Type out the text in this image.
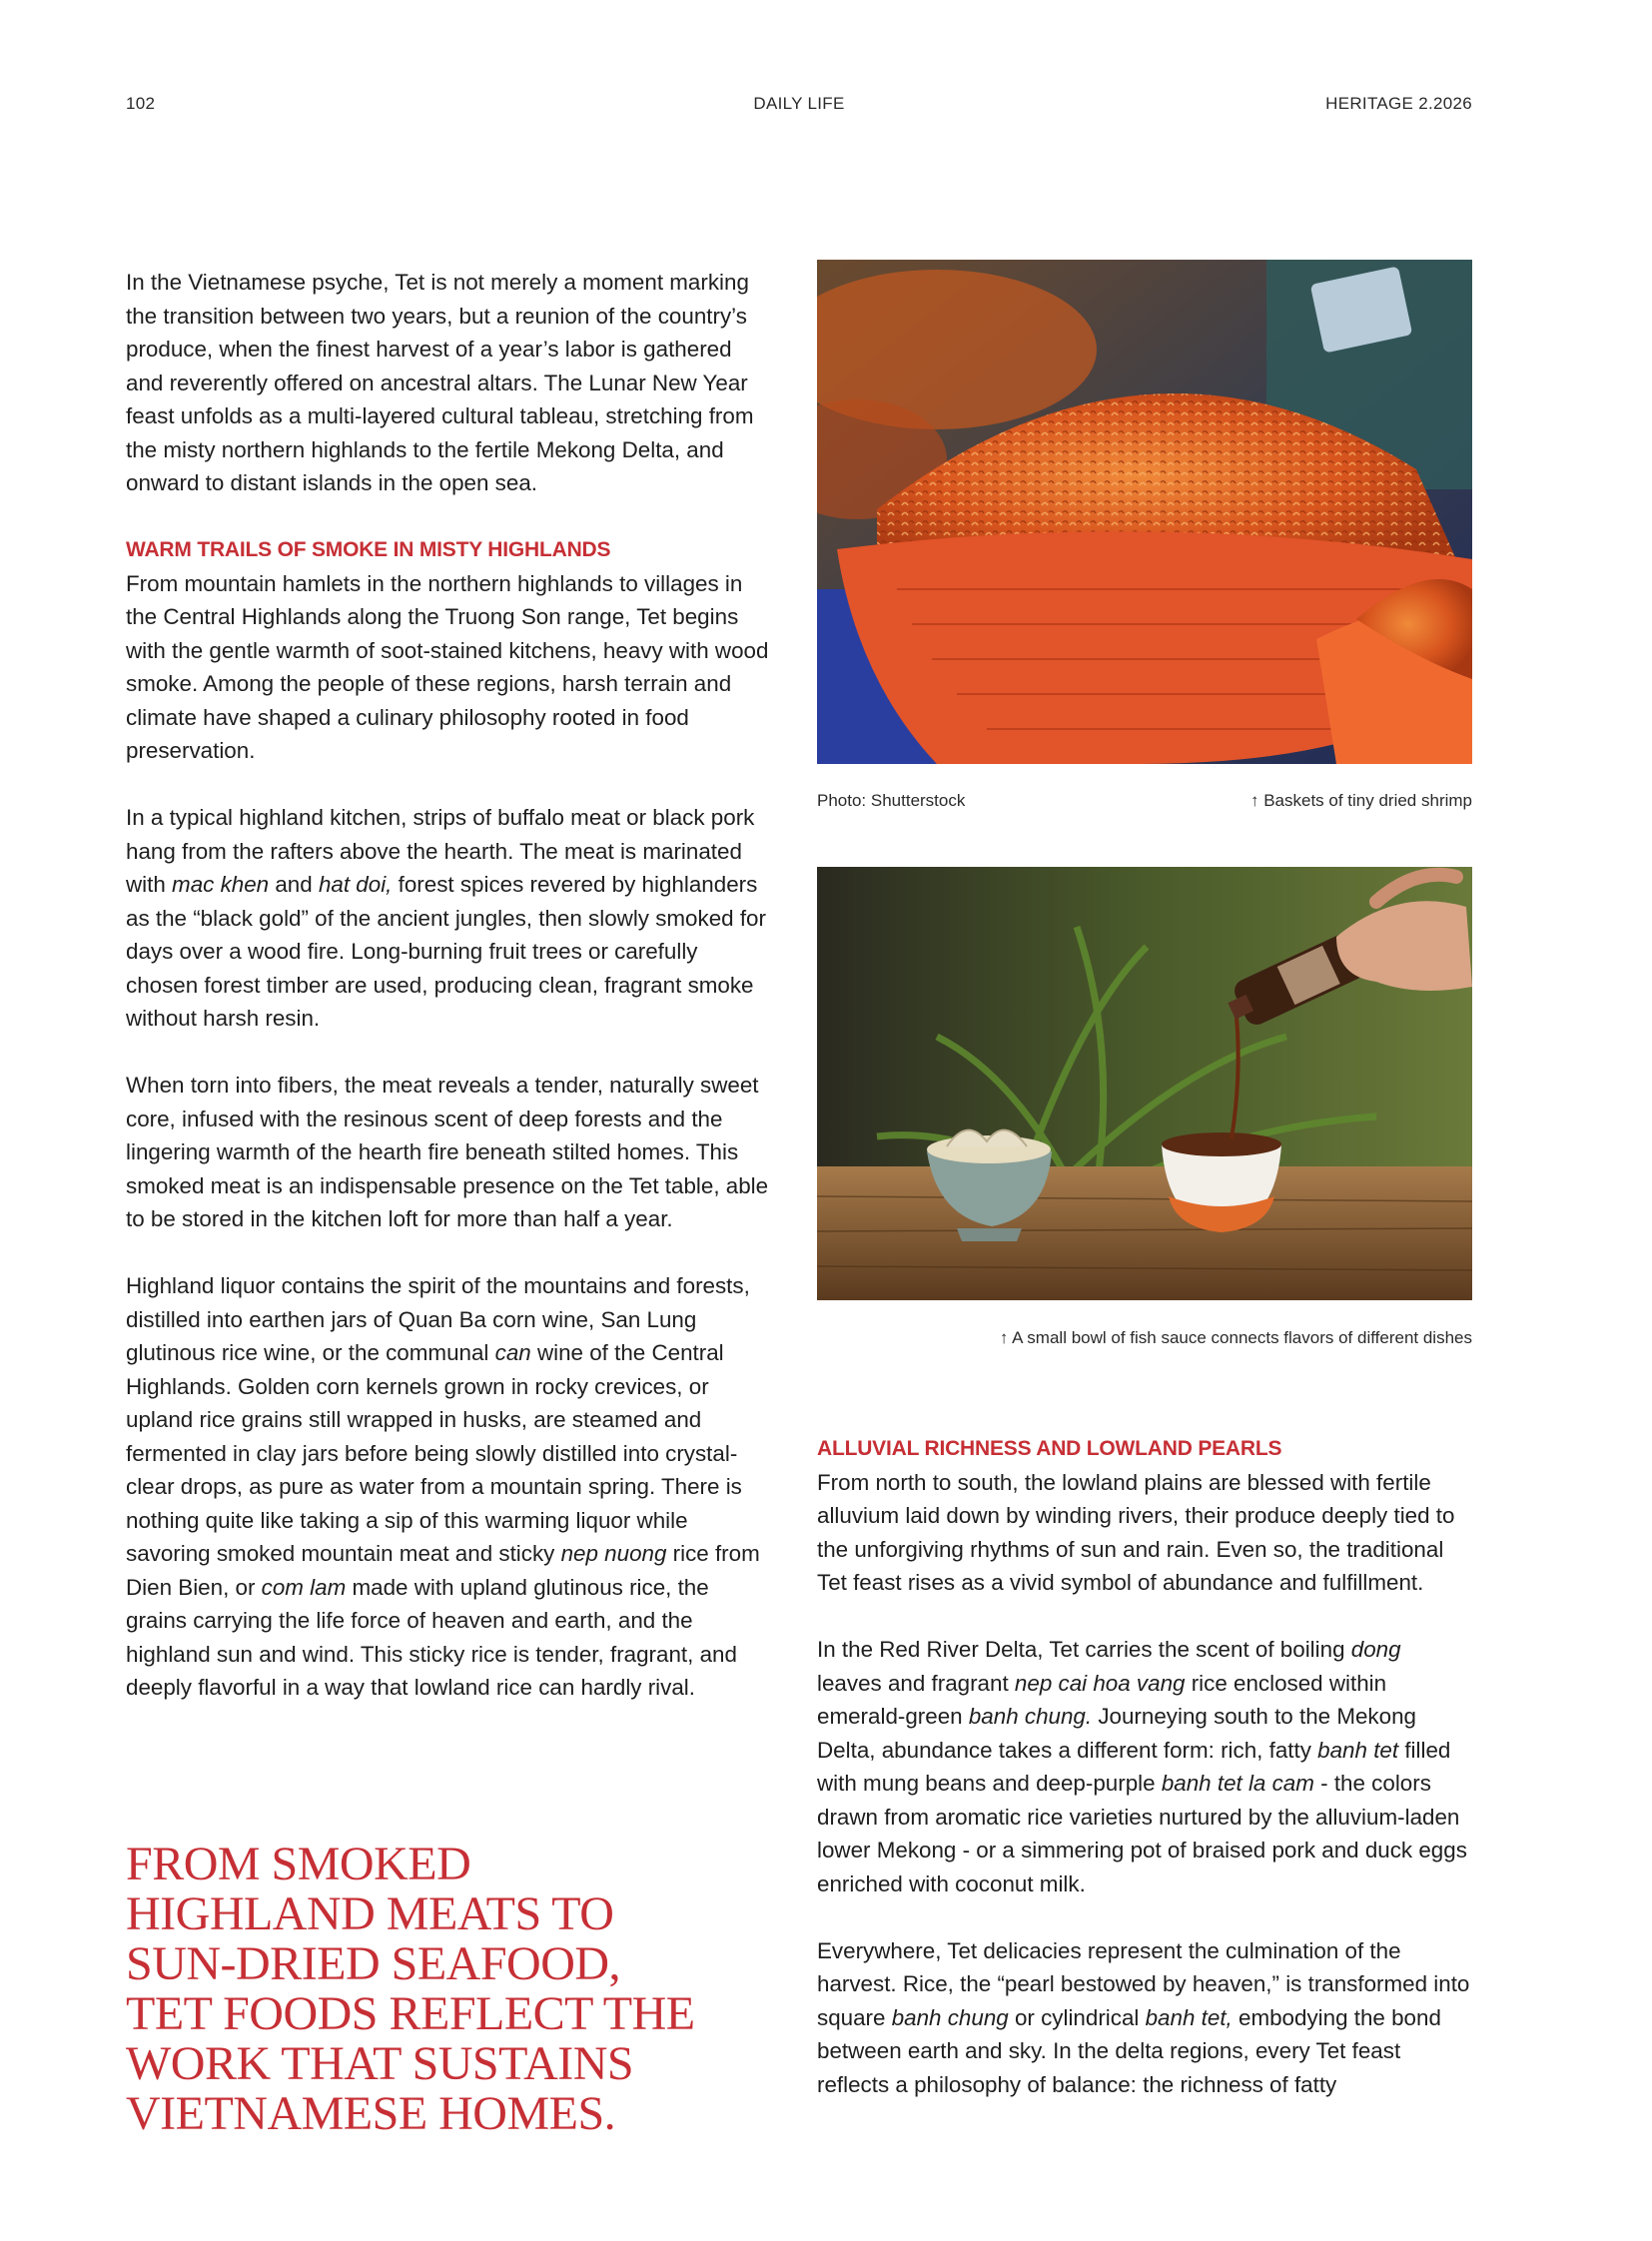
102	DAILY LIFE	HERITAGE 2.2026

In the Vietnamese psyche, Tet is not merely a moment marking the transition between two years, but a reunion of the country’s produce, when the finest harvest of a year’s labor is gathered and reverently offered on ancestral altars. The Lunar New Year feast unfolds as a multi-layered cultural tableau, stretching from the misty northern highlands to the fertile Mekong Delta, and onward to distant islands in the open sea.

WARM TRAILS OF SMOKE IN MISTY HIGHLANDS

From mountain hamlets in the northern highlands to villages in the Central Highlands along the Truong Son range, Tet begins with the gentle warmth of soot-stained kitchens, heavy with wood smoke. Among the people of these regions, harsh terrain and climate have shaped a culinary philosophy rooted in food preservation.

In a typical highland kitchen, strips of buffalo meat or black pork hang from the rafters above the hearth. The meat is marinated with mac khen and hat doi, forest spices revered by highlanders as the “black gold” of the ancient jungles, then slowly smoked for days over a wood fire. Long-burning fruit trees or carefully chosen forest timber are used, producing clean, fragrant smoke without harsh resin.

When torn into fibers, the meat reveals a tender, naturally sweet core, infused with the resinous scent of deep forests and the lingering warmth of the hearth fire beneath stilted homes. This smoked meat is an indispensable presence on the Tet table, able to be stored in the kitchen loft for more than half a year.

Highland liquor contains the spirit of the mountains and forests, distilled into earthen jars of Quan Ba corn wine, San Lung glutinous rice wine, or the communal can wine of the Central Highlands. Golden corn kernels grown in rocky crevices, or upland rice grains still wrapped in husks, are steamed and fermented in clay jars before being slowly distilled into crystal-clear drops, as pure as water from a mountain spring. There is nothing quite like taking a sip of this warming liquor while savoring smoked mountain meat and sticky nep nuong rice from Dien Bien, or com lam made with upland glutinous rice, the grains carrying the life force of heaven and earth, and the highland sun and wind. This sticky rice is tender, fragrant, and deeply flavorful in a way that lowland rice can hardly rival.

FROM SMOKED HIGHLAND MEATS TO SUN-DRIED SEAFOOD, TET FOODS REFLECT THE WORK THAT SUSTAINS VIETNAMESE HOMES.
Photo: Shutterstock	↑ Baskets of tiny dried shrimp
↑ A small bowl of fish sauce connects flavors of different dishes
ALLUVIAL RICHNESS AND LOWLAND PEARLS

From north to south, the lowland plains are blessed with fertile alluvium laid down by winding rivers, their produce deeply tied to the unforgiving rhythms of sun and rain. Even so, the traditional Tet feast rises as a vivid symbol of abundance and fulfillment.

In the Red River Delta, Tet carries the scent of boiling dong leaves and fragrant nep cai hoa vang rice enclosed within emerald-green banh chung. Journeying south to the Mekong Delta, abundance takes a different form: rich, fatty banh tet filled with mung beans and deep-purple banh tet la cam - the colors drawn from aromatic rice varieties nurtured by the alluvium-laden lower Mekong - or a simmering pot of braised pork and duck eggs enriched with coconut milk.

Everywhere, Tet delicacies represent the culmination of the harvest. Rice, the “pearl bestowed by heaven,” is transformed into square banh chung or cylindrical banh tet, embodying the bond between earth and sky. In the delta regions, every Tet feast reflects a philosophy of balance: the richness of fatty
